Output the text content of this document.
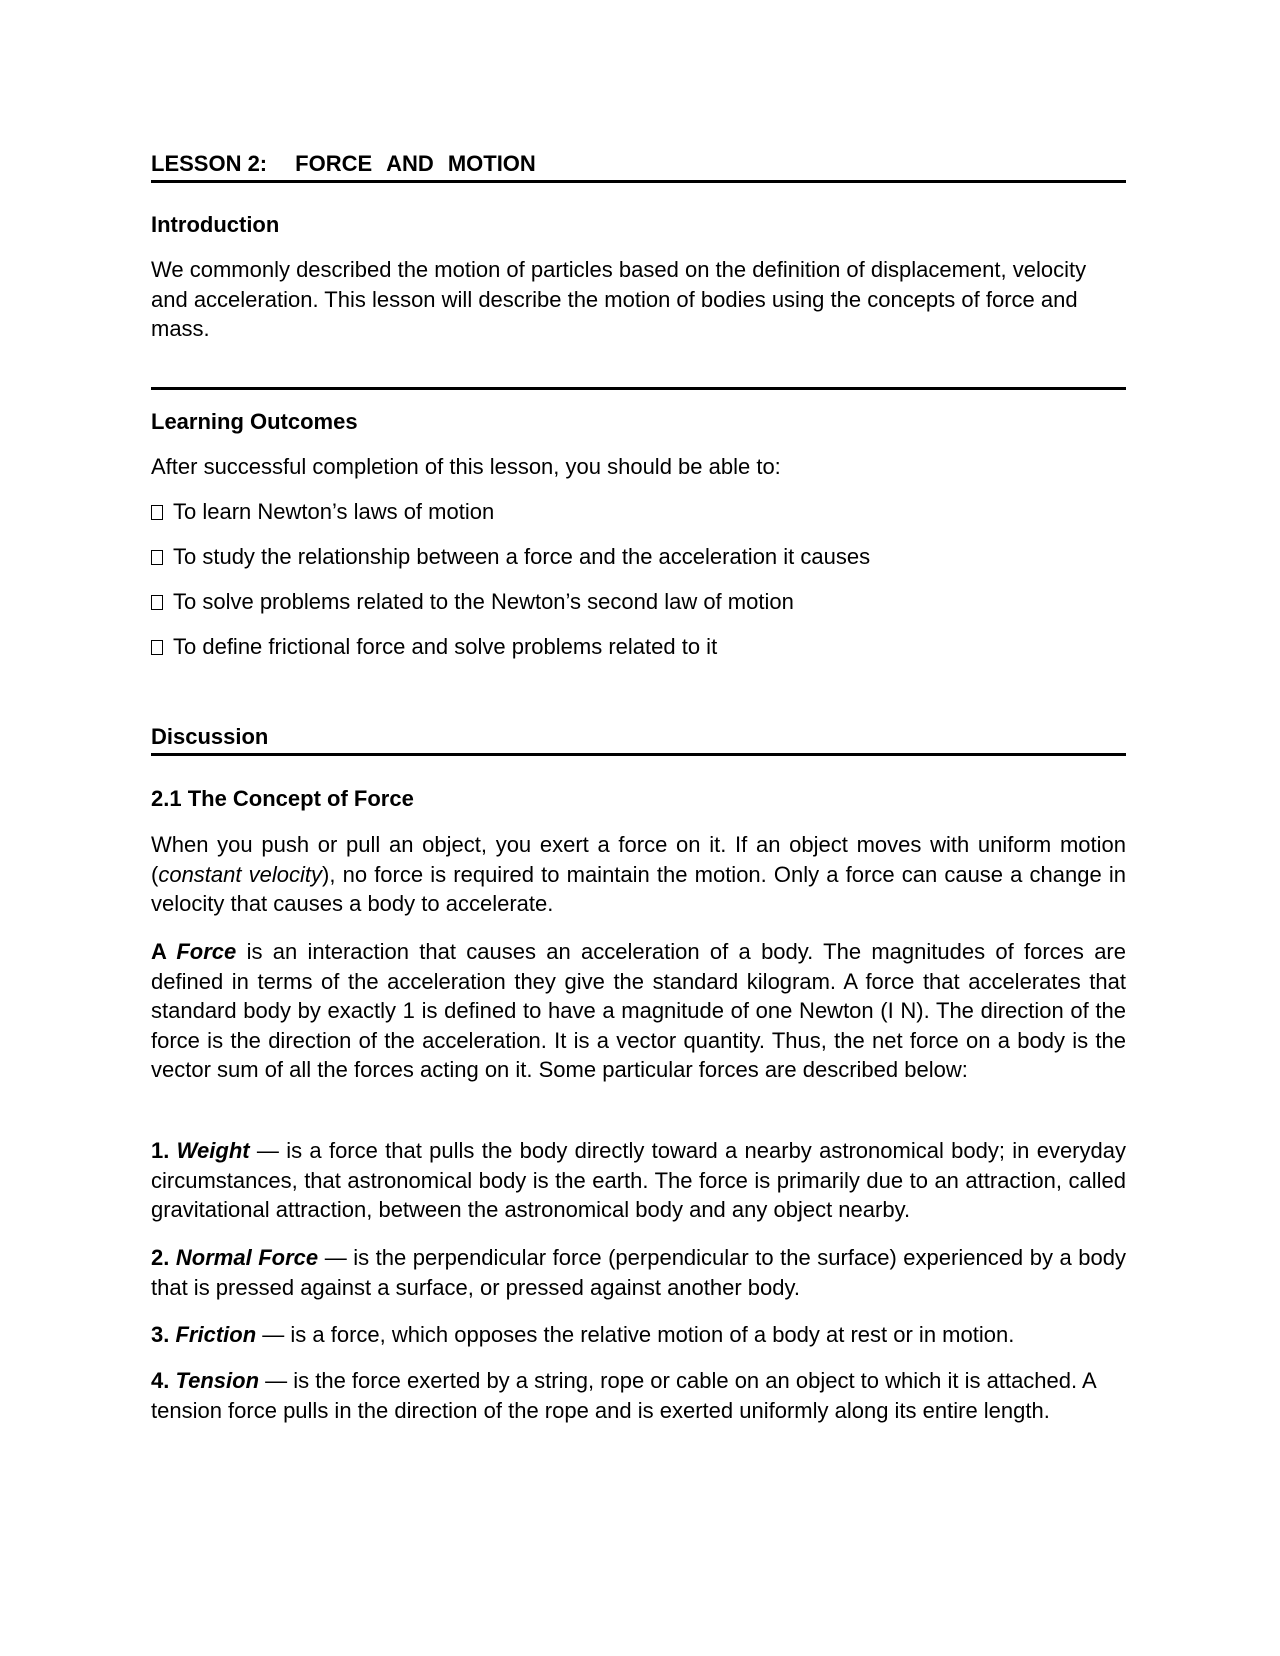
LESSON 2: FORCE AND MOTION
Introduction

We commonly described the motion of particles based on the definition of displacement, velocity and acceleration. This lesson will describe the motion of bodies using the concepts of force and mass.

Learning Outcomes
After successful completion of this lesson, you should be able to:
To learn Newton’s laws of motion
To study the relationship between a force and the acceleration it causes
To solve problems related to the Newton’s second law of motion
To define frictional force and solve problems related to it
Discussion
2.1 The Concept of Force

When you push or pull an object, you exert a force on it. If an object moves with uniform motion (constant velocity), no force is required to maintain the motion. Only a force can cause a change in velocity that causes a body to accelerate.

A Force is an interaction that causes an acceleration of a body. The magnitudes of forces are defined in terms of the acceleration they give the standard kilogram. A force that accelerates that standard body by exactly 1 is defined to have a magnitude of one Newton (I N). The direction of the force is the direction of the acceleration. It is a vector quantity. Thus, the net force on a body is the vector sum of all the forces acting on it. Some particular forces are described below:

1. Weight — is a force that pulls the body directly toward a nearby astronomical body; in everyday circumstances, that astronomical body is the earth. The force is primarily due to an attraction, called gravitational attraction, between the astronomical body and any object nearby.

2. Normal Force — is the perpendicular force (perpendicular to the surface) experienced by a body that is pressed against a surface, or pressed against another body.

3. Friction — is a force, which opposes the relative motion of a body at rest or in motion.

4. Tension — is the force exerted by a string, rope or cable on an object to which it is attached. A tension force pulls in the direction of the rope and is exerted uniformly along its entire length.
